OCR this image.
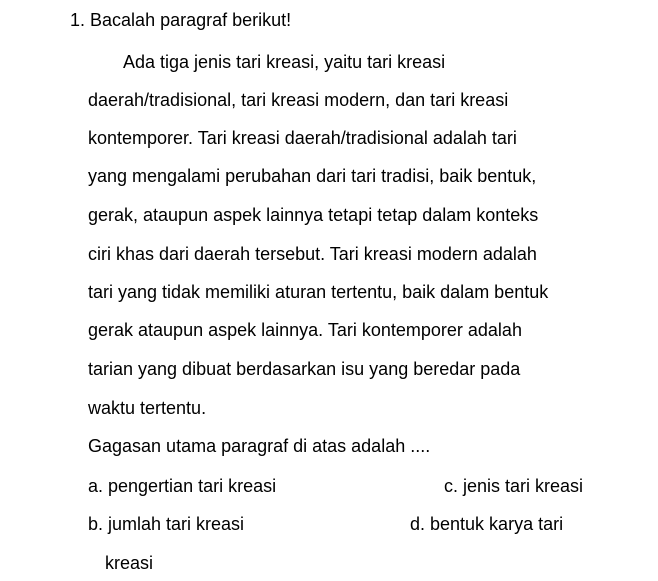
1. Bacalah paragraf berikut!
Ada tiga jenis tari kreasi, yaitu tari kreasi
daerah/tradisional, tari kreasi modern, dan tari kreasi
kontemporer. Tari kreasi daerah/tradisional adalah tari
yang mengalami perubahan dari tari tradisi, baik bentuk,
gerak, ataupun aspek lainnya tetapi tetap dalam konteks
ciri khas dari daerah tersebut. Tari kreasi modern adalah
tari yang tidak memiliki aturan tertentu, baik dalam bentuk
gerak ataupun aspek lainnya. Tari kontemporer adalah
tarian yang dibuat berdasarkan isu yang beredar pada
waktu tertentu.
Gagasan utama paragraf di atas adalah ....
a. pengertian tari kreasi	c. jenis tari kreasi
b. jumlah tari kreasi	d. bentuk karya tari
kreasi
